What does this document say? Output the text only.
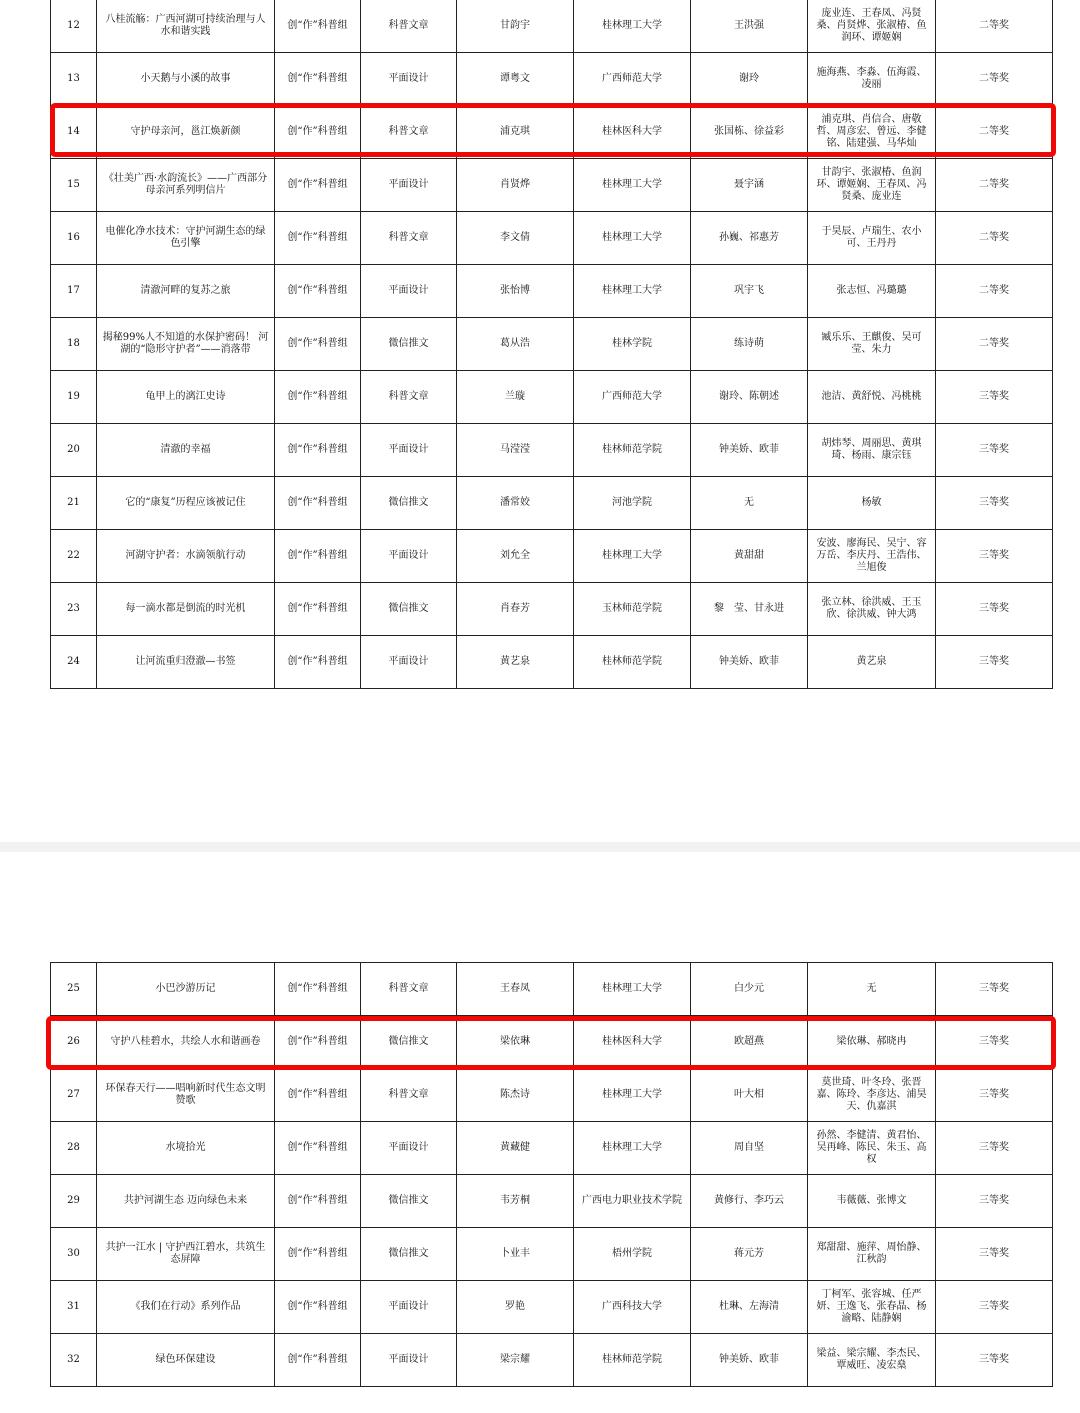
12	八桂流觞：广西河湖可持续治理与人水和谐实践	创“作”科普组	科普文章	甘韵宇	桂林理工大学	王洪强	庞业连、王春凤、冯贤桑、肖贤烨、张淑椿、鱼润环、谭姬娴	二等奖
13	小天鹅与小溪的故事	创“作”科普组	平面设计	谭粤文	广西师范大学	谢玲	施海燕、李淼、伍海霞、凌丽	二等奖
14	守护母亲河，邕江焕新颜	创“作”科普组	科普文章	浦克琪	桂林医科大学	张国栋、徐益彩	浦克琪、肖信合、唐敬哲、周彦宏、曾远、李健铭、陆建强、马华灿	二等奖
15	《壮美广西·水韵流长》——广西部分母亲河系列明信片	创“作”科普组	平面设计	肖贤烨	桂林理工大学	聂宇涵	甘韵宇、张淑椿、鱼润环、谭姬娴、王春凤、冯贤桑、庞业连	二等奖
16	电催化净水技术：守护河湖生态的绿色引擎	创“作”科普组	科普文章	李文倩	桂林理工大学	孙巍、祁惠芳	于昊辰、卢瑞生、农小可、王丹丹	二等奖
17	清澈河畔的复苏之旅	创“作”科普组	平面设计	张怡博	桂林理工大学	巩宇飞	张志恒、冯璐璐	二等奖
18	揭秘99%人不知道的水保护密码！ 河湖的“隐形守护者”——消落带	创“作”科普组	微信推文	葛从浩	桂林学院	练诗萌	臧乐乐、王麒俊、吴可莹、朱力	二等奖
19	龟甲上的漓江史诗	创“作”科普组	科普文章	兰璇	广西师范大学	谢玲、陈朝述	池洁、黄舒悦、冯桃桃	三等奖
20	清澈的幸福	创“作”科普组	平面设计	马滢滢	桂林师范学院	钟美娇、欧菲	胡炜琴、周丽思、黄琪琦、杨雨、康宗钰	三等奖
21	它的“康复”历程应该被记住	创“作”科普组	微信推文	潘常姣	河池学院	无	杨敏	三等奖
22	河湖守护者：水滴领航行动	创“作”科普组	平面设计	刘允全	桂林理工大学	黄甜甜	安波、廖海民、吴宁、容万岳、李庆丹、王浩伟、兰旭俊	三等奖
23	每一滴水都是倒流的时光机	创“作”科普组	微信推文	肖春芳	玉林师范学院	黎　莹、甘永进	张立林、徐洪威、王玉欣、徐洪威、钟大鸿	三等奖
24	让河流重归澄澈—书签	创“作”科普组	平面设计	黄艺泉	桂林师范学院	钟美娇、欧菲	黄艺泉	三等奖
25	小巴沙游历记	创“作”科普组	科普文章	王春凤	桂林理工大学	白少元	无	三等奖
26	守护八桂碧水，共绘人水和谐画卷	创“作”科普组	微信推文	梁依琳	桂林医科大学	欧超燕	梁依琳、郝晓冉	三等奖
27	环保春天行——唱响新时代生态文明赞歌	创“作”科普组	科普文章	陈杰诗	桂林理工大学	叶大相	莫世琦、叶冬玲、张晋嘉、陈玲、李彦达、浦昊天、仇嘉淇	三等奖
28	水境拾光	创“作”科普组	平面设计	黄藏健	桂林理工大学	周自坚	孙然、李健清、黄君怡、吴再峰、陈民、朱玉、高权	三等奖
29	共护河湖生态 迈向绿色未来	创“作”科普组	微信推文	韦芳桐	广西电力职业技术学院	黄修行、李巧云	韦薇薇、张博文	三等奖
30	共护一江水 | 守护西江碧水，共筑生态屏障	创“作”科普组	微信推文	卜业丰	梧州学院	蒋元芳	郑甜甜、施萍、周怡静、江秋韵	三等奖
31	《我们在行动》系列作品	创“作”科普组	平面设计	罗艳	广西科技大学	杜琳、左海清	丁柯军、张容城、任严妍、王逸飞、张春晶、杨渝略、陆静娴	三等奖
32	绿色环保建设	创“作”科普组	平面设计	梁宗耀	桂林师范学院	钟美娇、欧菲	梁益、梁宗耀、李杰民、覃威旺、凌宏燊	三等奖
